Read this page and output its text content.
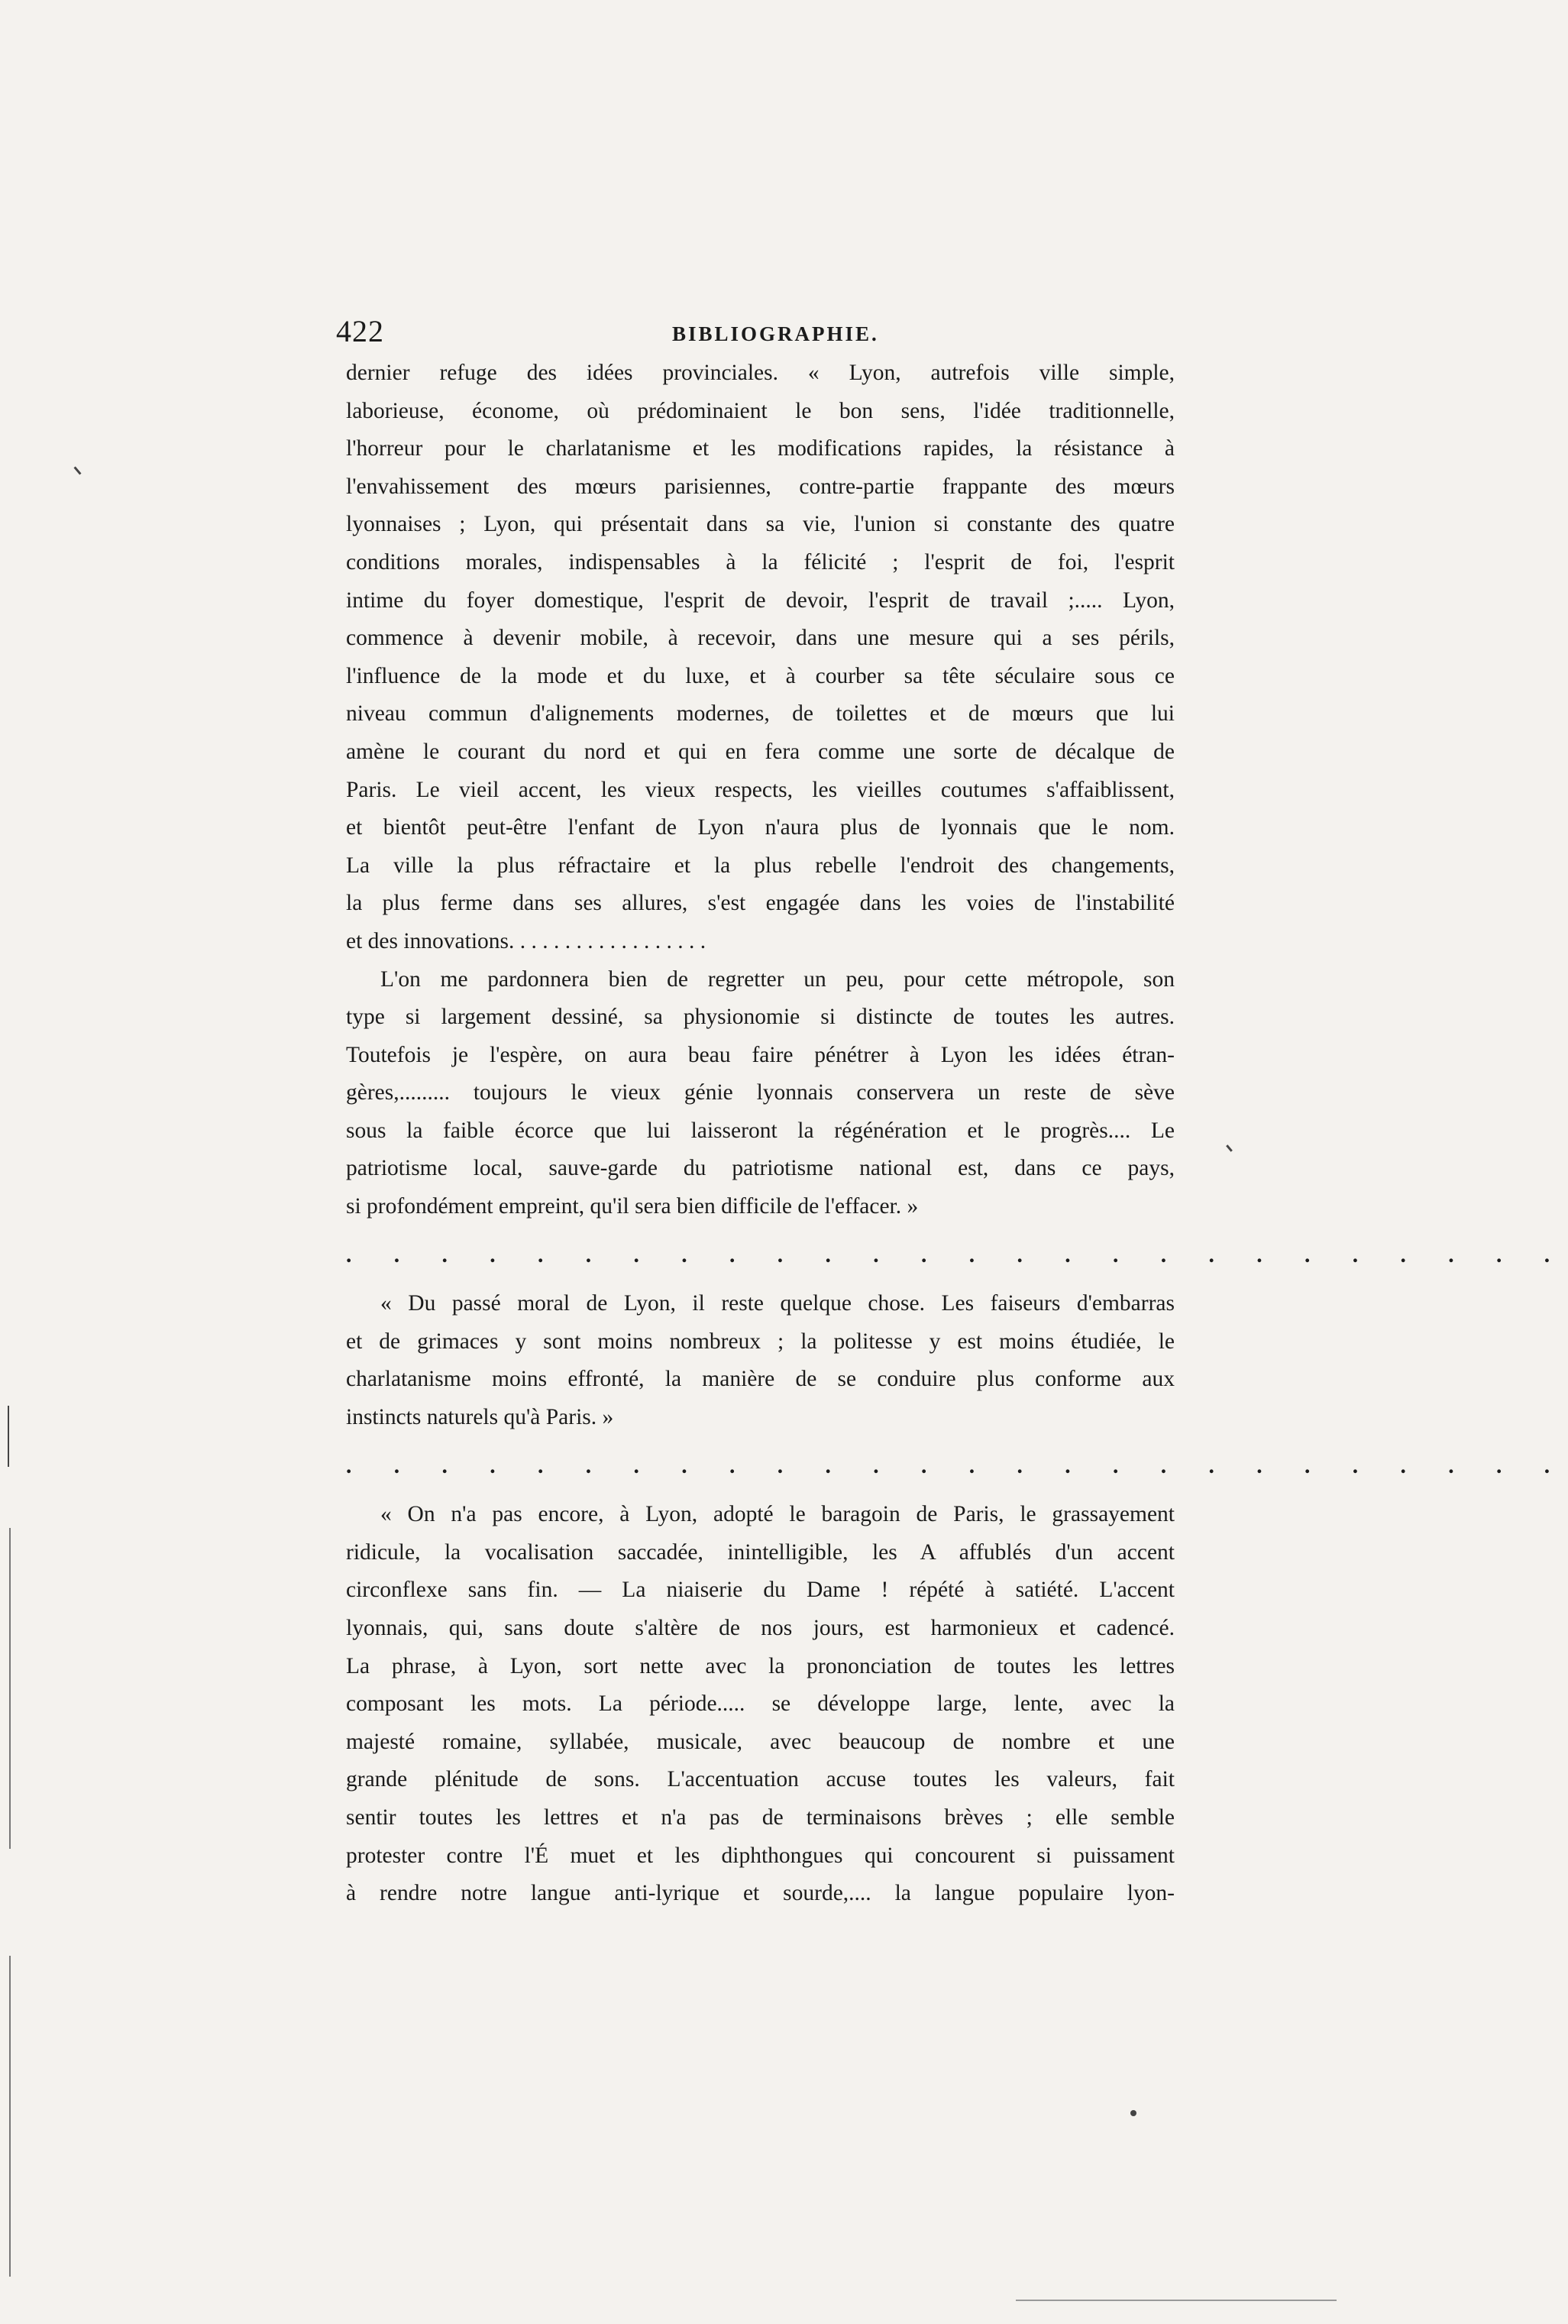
422	BIBLIOGRAPHIE.
dernier refuge des idées provinciales. « Lyon, autrefois ville simple,
laborieuse, économe, où prédominaient le bon sens, l'idée traditionnelle,
l'horreur pour le charlatanisme et les modifications rapides, la résistance à
l'envahissement des mœurs parisiennes, contre-partie frappante des mœurs
lyonnaises ; Lyon, qui présentait dans sa vie, l'union si constante des quatre
conditions morales, indispensables à la félicité ; l'esprit de foi, l'esprit
intime du foyer domestique, l'esprit de devoir, l'esprit de travail ;..... Lyon,
commence à devenir mobile, à recevoir, dans une mesure qui a ses périls,
l'influence de la mode et du luxe, et à courber sa tête séculaire sous ce
niveau commun d'alignements modernes, de toilettes et de mœurs que lui
amène le courant du nord et qui en fera comme une sorte de décalque de
Paris. Le vieil accent, les vieux respects, les vieilles coutumes s'affaiblissent,
et bientôt peut-être l'enfant de Lyon n'aura plus de lyonnais que le nom.
La ville la plus réfractaire et la plus rebelle l'endroit des changements,
la plus ferme dans ses allures, s'est engagée dans les voies de l'instabilité
et des innovations. . . . . . . . . . . . . . . . . .
L'on me pardonnera bien de regretter un peu, pour cette métropole, son
type si largement dessiné, sa physionomie si distincte de toutes les autres.
Toutefois je l'espère, on aura beau faire pénétrer à Lyon les idées étran-
gères,......... toujours le vieux génie lyonnais conservera un reste de sève
sous la faible écorce que lui laisseront la régénération et le progrès.... Le
patriotisme local, sauve-garde du patriotisme national est, dans ce pays,
si profondément empreint, qu'il sera bien difficile de l'effacer. »
. . . . . . . . . . . . . . . . . . . . . . . . . .
« Du passé moral de Lyon, il reste quelque chose. Les faiseurs d'embarras
et de grimaces y sont moins nombreux ; la politesse y est moins étudiée, le
charlatanisme moins effronté, la manière de se conduire plus conforme aux
instincts naturels qu'à Paris. »
. . . . . . . . . . . . . . . . . . . . . . . . . .
« On n'a pas encore, à Lyon, adopté le baragoin de Paris, le grassayement
ridicule, la vocalisation saccadée, inintelligible, les A affublés d'un accent
circonflexe sans fin. — La niaiserie du Dame ! répété à satiété. L'accent
lyonnais, qui, sans doute s'altère de nos jours, est harmonieux et cadencé.
La phrase, à Lyon, sort nette avec la prononciation de toutes les lettres
composant les mots. La période..... se développe large, lente, avec la
majesté romaine, syllabée, musicale, avec beaucoup de nombre et une
grande plénitude de sons. L'accentuation accuse toutes les valeurs, fait
sentir toutes les lettres et n'a pas de terminaisons brèves ; elle semble
protester contre l'É muet et les diphthongues qui concourent si puissament
à rendre notre langue anti-lyrique et sourde,.... la langue populaire lyon-
